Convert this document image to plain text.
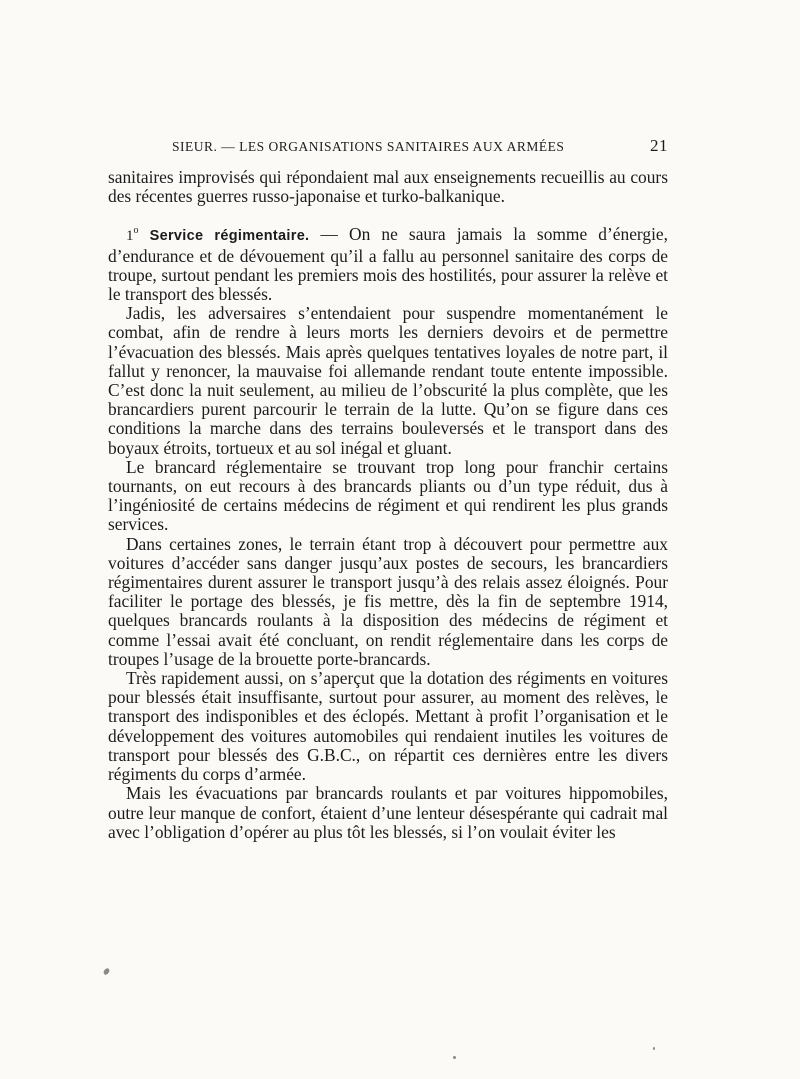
SIEUR. — LES ORGANISATIONS SANITAIRES AUX ARMÉES	21

sanitaires improvisés qui répondaient mal aux enseignements recueillis au cours des récentes guerres russo-japonaise et turko-balkanique.

1$^o$ Service régimentaire. — On ne saura jamais la somme d’énergie, d’endurance et de dévouement qu’il a fallu au personnel sanitaire des corps de troupe, surtout pendant les premiers mois des hostilités, pour assurer la relève et le transport des blessés.

Jadis, les adversaires s’entendaient pour suspendre momentanément le combat, afin de rendre à leurs morts les derniers devoirs et de permettre l’évacuation des blessés. Mais après quelques tentatives loyales de notre part, il fallut y renoncer, la mauvaise foi allemande rendant toute entente impossible. C’est donc la nuit seulement, au milieu de l’obscurité la plus complète, que les brancardiers purent parcourir le terrain de la lutte. Qu’on se figure dans ces conditions la marche dans des terrains bouleversés et le transport dans des boyaux étroits, tortueux et au sol inégal et gluant.

Le brancard réglementaire se trouvant trop long pour franchir certains tournants, on eut recours à des brancards pliants ou d’un type réduit, dus à l’ingéniosité de certains médecins de régiment et qui rendirent les plus grands services.

Dans certaines zones, le terrain étant trop à découvert pour permettre aux voitures d’accéder sans danger jusqu’aux postes de secours, les brancardiers régimentaires durent assurer le transport jusqu’à des relais assez éloignés. Pour faciliter le portage des blessés, je fis mettre, dès la fin de septembre 1914, quelques brancards roulants à la disposition des médecins de régiment et comme l’essai avait été concluant, on rendit réglementaire dans les corps de troupes l’usage de la brouette porte-brancards.

Très rapidement aussi, on s’aperçut que la dotation des régiments en voitures pour blessés était insuffisante, surtout pour assurer, au moment des relèves, le transport des indisponibles et des éclopés. Mettant à profit l’organisation et le développement des voitures automobiles qui rendaient inutiles les voitures de transport pour blessés des G.B.C., on répartit ces dernières entre les divers régiments du corps d’armée.

Mais les évacuations par brancards roulants et par voitures hippomobiles, outre leur manque de confort, étaient d’une lenteur désespérante qui cadrait mal avec l’obligation d’opérer au plus tôt les blessés, si l’on voulait éviter les
